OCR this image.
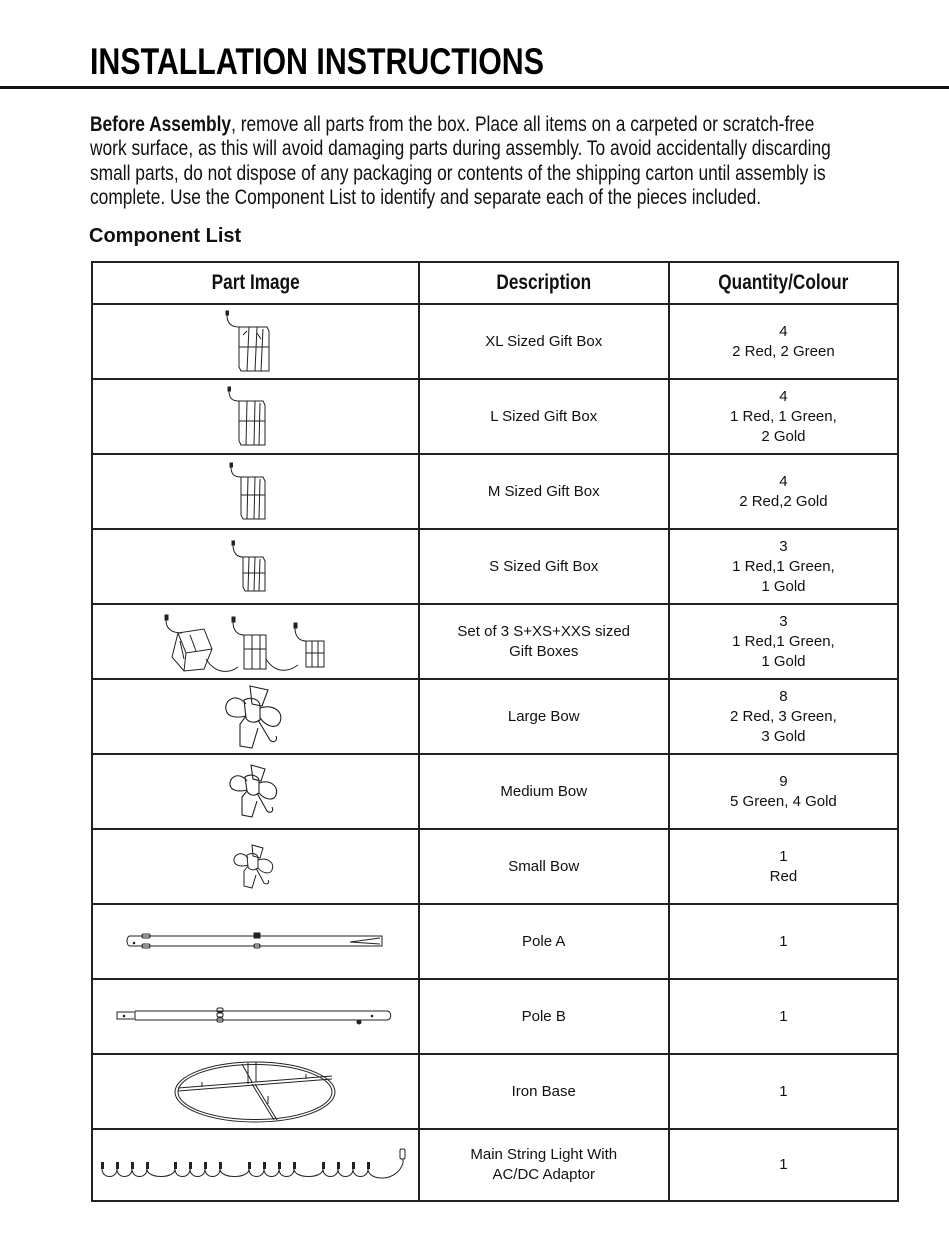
INSTALLATION INSTRUCTIONS
Before Assembly, remove all parts from the box. Place all items on a carpeted or scratch-free
work surface, as this will avoid damaging parts during assembly. To avoid accidentally discarding
small parts, do not dispose of any packaging or contents of the shipping carton until assembly is
complete. Use the Component List to identify and separate each of the pieces included.
Component List
Part Image	Description	Quantity/Colour

XL Sized Gift Box	4
2 Red, 2 Green

L Sized Gift Box	4
1 Red, 1 Green,
2 Gold

M Sized Gift Box	4
2 Red,2 Gold

S Sized Gift Box	3
1 Red,1 Green,
1 Gold

Set of 3 S+XS+XXS sized
Gift Boxes	3
1 Red,1 Green,
1 Gold

Large Bow	8
2 Red, 3 Green,
3 Gold

Medium Bow	9
5 Green, 4 Gold

Small Bow	1
Red

Pole A	1

Pole B	1

Iron Base	1

Main String Light With
AC/DC Adaptor	1
